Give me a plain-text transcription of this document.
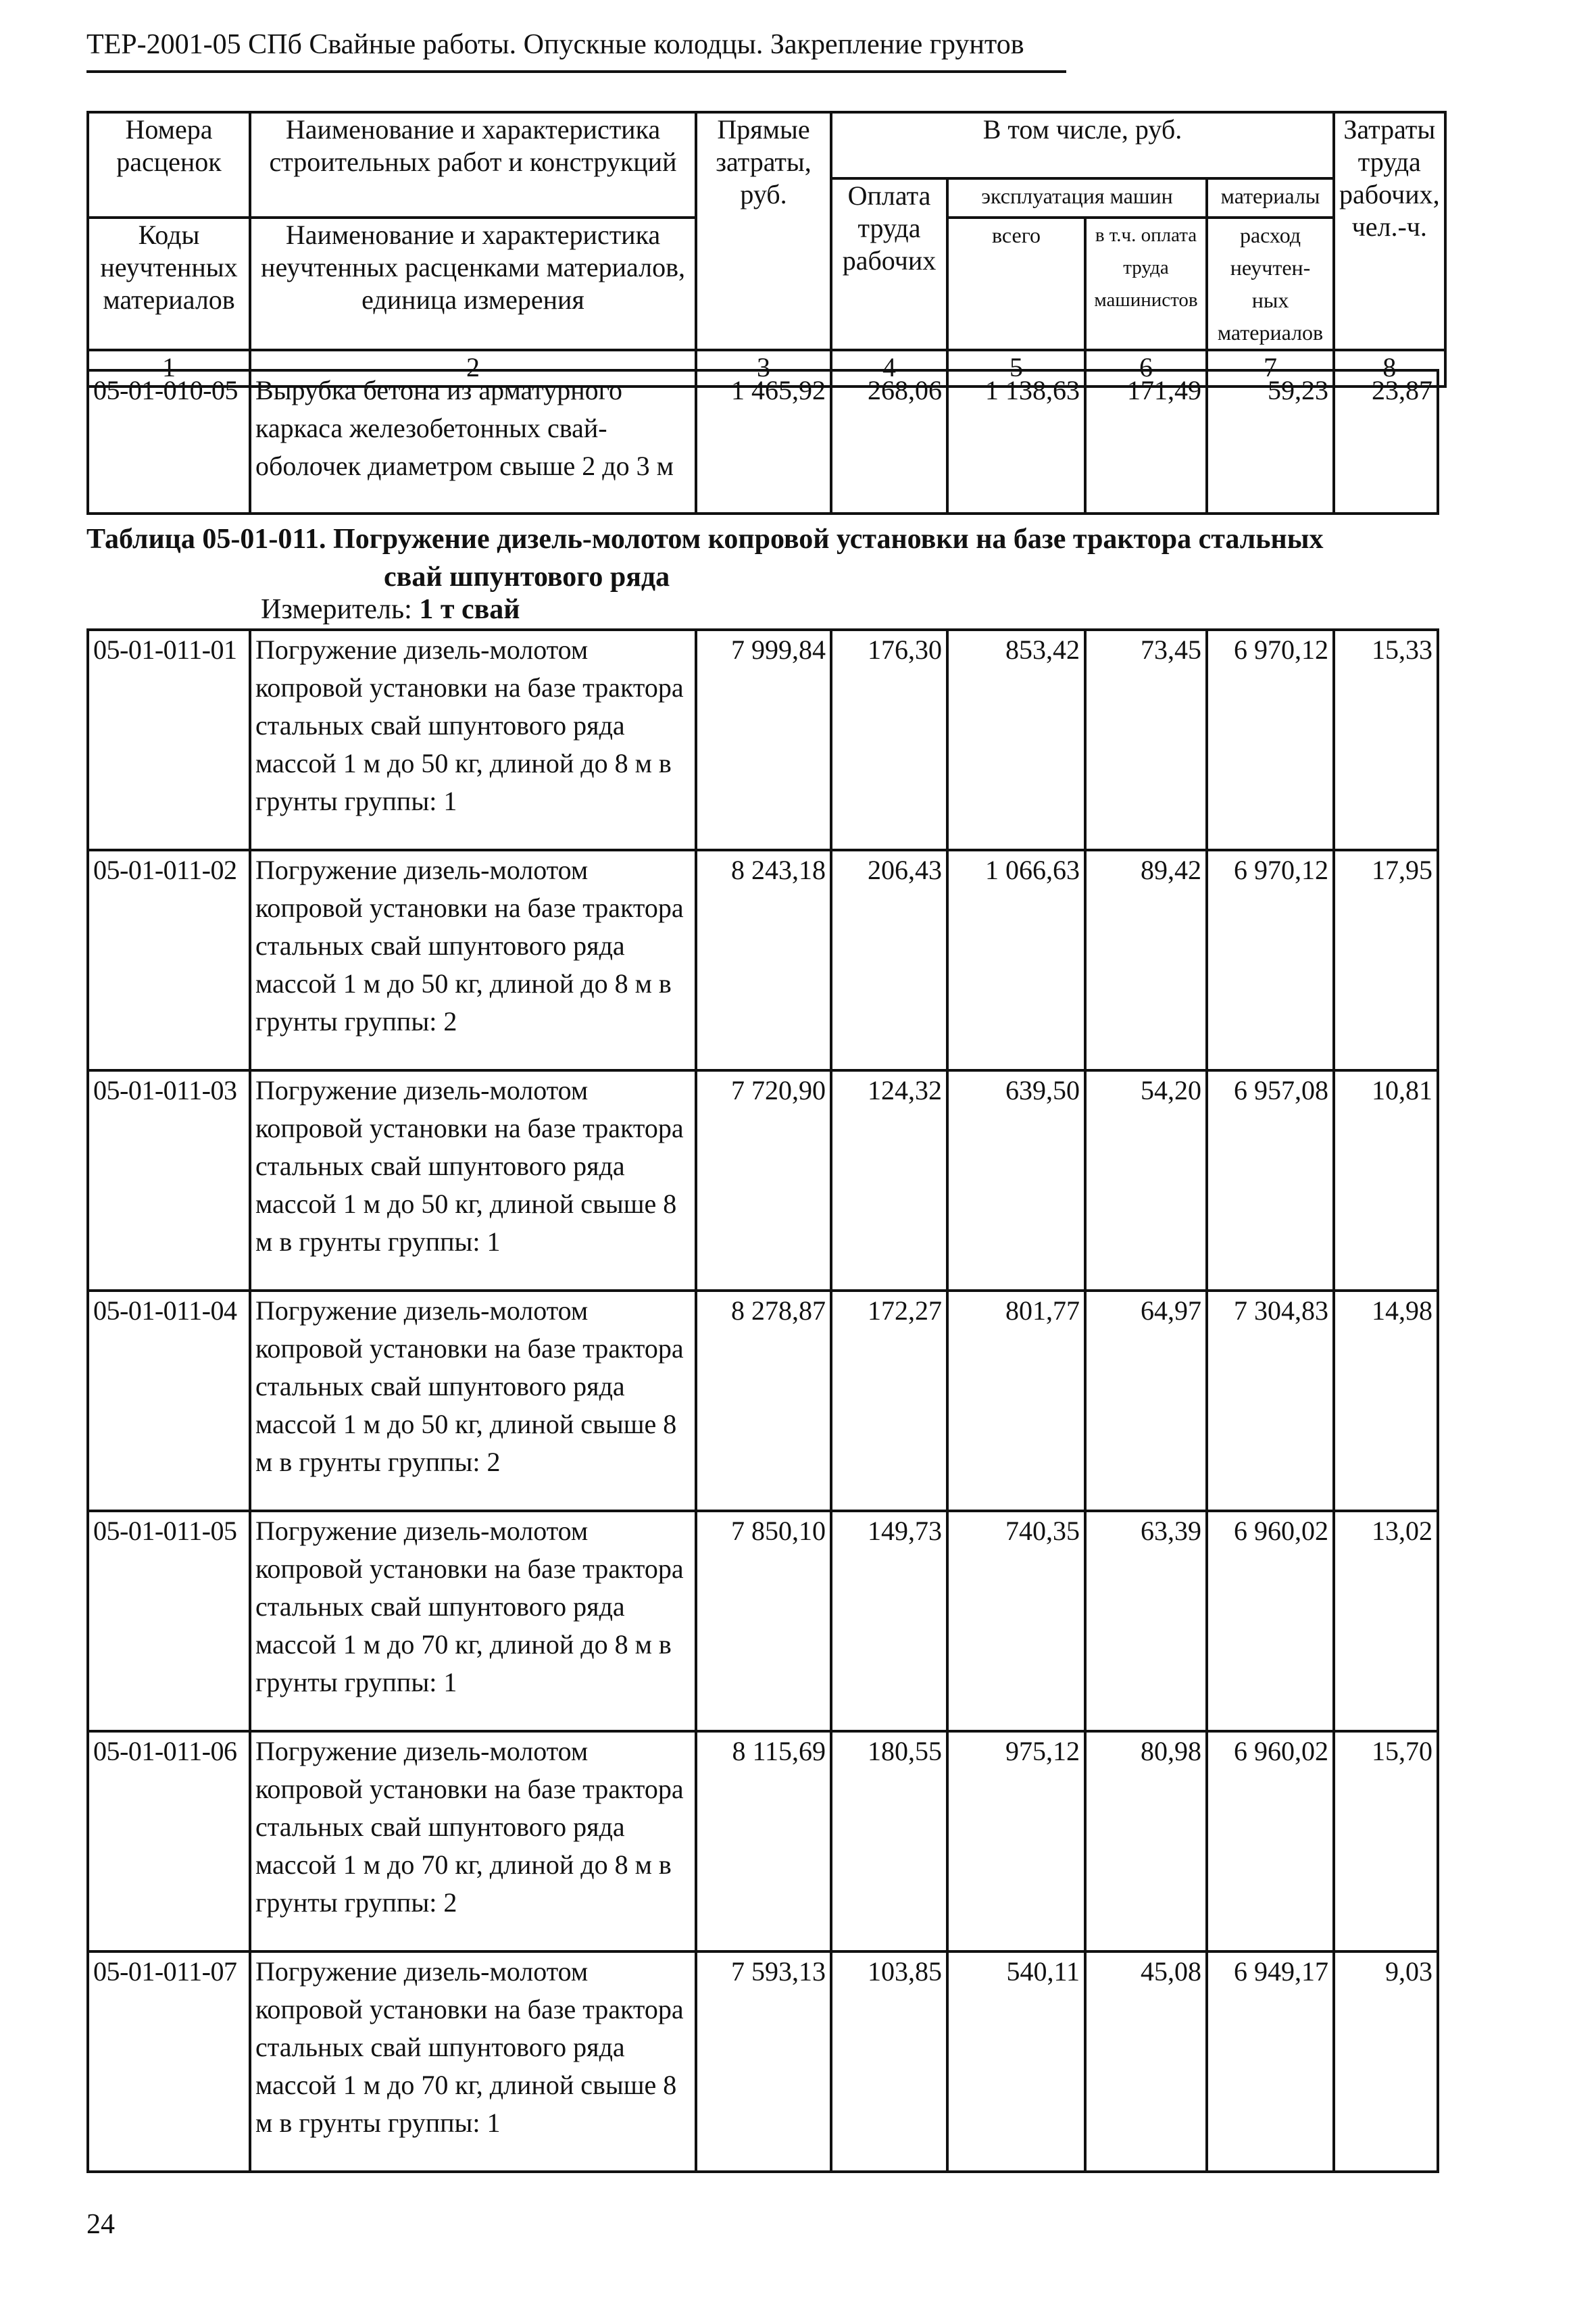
ТЕР-2001-05 СПб Свайные работы. Опускные колодцы. Закрепление грунтов
Номера расценок	Наименование и характеристика строительных работ и конструкций	Прямые затраты, руб.	В том числе, руб.				Затраты труда рабочих, чел.-ч.
			Оплата труда рабочих	эксплуатация машин		материалы	
Коды неучтенных материалов	Наименование и характеристика неучтенных расценками материалов, единица измерения			всего	в т.ч. оплата труда машинистов	расход неучтен-ных материалов	
1	2	3	4	5	6	7	8
05-01-010-05	Вырубка бетона из арматурного каркаса железобетонных свай-оболочек диаметром свыше 2 до 3 м	1 465,92	268,06	1 138,63	171,49	59,23	23,87
Таблица 05-01-011. Погружение дизель-молотом копровой установки на базе трактора стальных
свай шпунтового ряда
Измеритель: 1 т свай
05-01-011-01	Погружение дизель-молотом копровой установки на базе трактора стальных свай шпунтового ряда массой 1 м до 50 кг, длиной до 8 м в грунты группы: 1	7 999,84	176,30	853,42	73,45	6 970,12	15,33
05-01-011-02	Погружение дизель-молотом копровой установки на базе трактора стальных свай шпунтового ряда массой 1 м до 50 кг, длиной до 8 м в грунты группы: 2	8 243,18	206,43	1 066,63	89,42	6 970,12	17,95
05-01-011-03	Погружение дизель-молотом копровой установки на базе трактора стальных свай шпунтового ряда массой 1 м до 50 кг, длиной свыше 8 м в грунты группы: 1	7 720,90	124,32	639,50	54,20	6 957,08	10,81
05-01-011-04	Погружение дизель-молотом копровой установки на базе трактора стальных свай шпунтового ряда массой 1 м до 50 кг, длиной свыше 8 м в грунты группы: 2	8 278,87	172,27	801,77	64,97	7 304,83	14,98
05-01-011-05	Погружение дизель-молотом копровой установки на базе трактора стальных свай шпунтового ряда массой 1 м до 70 кг, длиной до 8 м в грунты группы: 1	7 850,10	149,73	740,35	63,39	6 960,02	13,02
05-01-011-06	Погружение дизель-молотом копровой установки на базе трактора стальных свай шпунтового ряда массой 1 м до 70 кг, длиной до 8 м в грунты группы: 2	8 115,69	180,55	975,12	80,98	6 960,02	15,70
05-01-011-07	Погружение дизель-молотом копровой установки на базе трактора стальных свай шпунтового ряда массой 1 м до 70 кг, длиной свыше 8 м в грунты группы: 1	7 593,13	103,85	540,11	45,08	6 949,17	9,03
24
